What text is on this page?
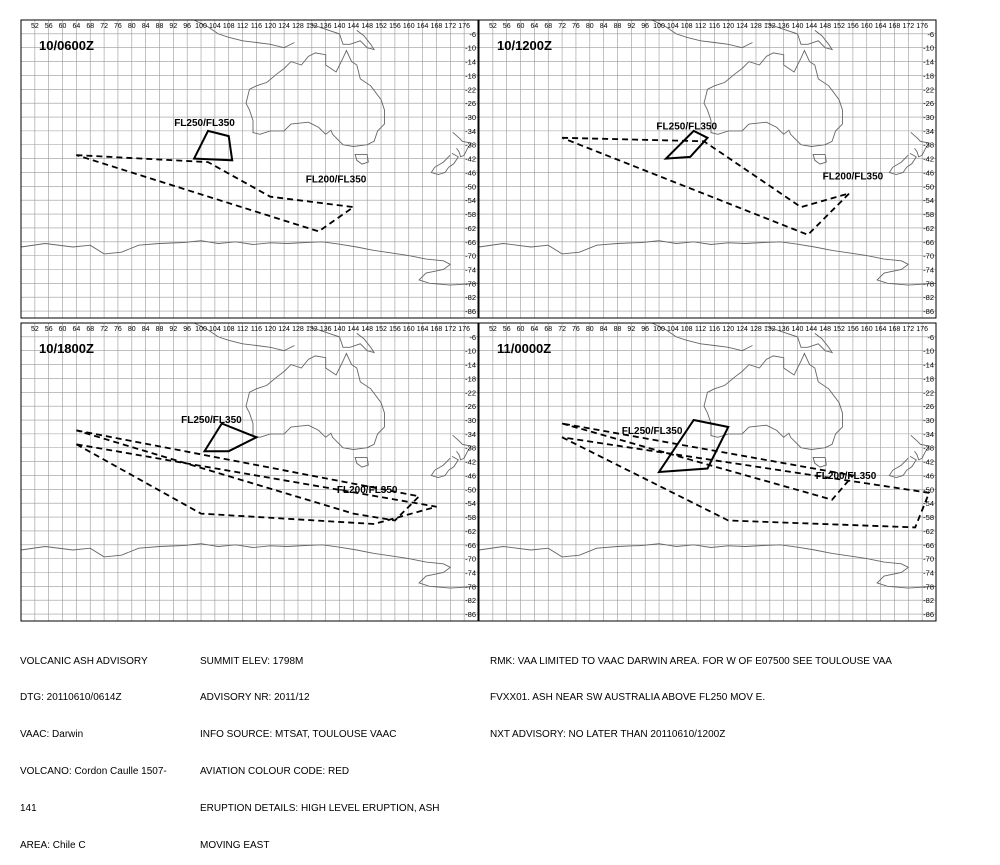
52 56 60 64 68 72 76 80 84 88 92 96 100 104 108 112 116 120 124 128 132 136 140 144 148 152 156 160 164 168 172 176
-6
-10
-14
-18
-22
-26
-30
-34
-38
-42
-46
-50
-54
-58
-62
-66
-70
-74
-78
-82
-86
FL250/FL350
FL200/FL350
10/0600Z
52 56 60 64 68 72 76 80 84 88 92 96 100 104 108 112 116 120 124 128 132 136 140 144 148 152 156 160 164 168 172 176
-6
-10
-14
-18
-22
-26
-30
-34
-38
-42
-46
-50
-54
-58
-62
-66
-70
-74
-78
-82
-86
FL250/FL350
FL200/FL350
10/1200Z
52 56 60 64 68 72 76 80 84 88 92 96 100 104 108 112 116 120 124 128 132 136 140 144 148 152 156 160 164 168 172 176
-6
-10
-14
-18
-22
-26
-30
-34
-38
-42
-46
-50
-54
-58
-62
-66
-70
-74
-78
-82
-86
FL250/FL350
FL200/FL350
10/1800Z
52 56 60 64 68 72 76 80 84 88 92 96 100 104 108 112 116 120 124 128 132 136 140 144 148 152 156 160 164 168 172 176
-6
-10
-14
-18
-22
-26
-30
-34
-38
-42
-46
-50
-54
-58
-62
-66
-70
-74
-78
-82
-86
FL250/FL350
FL200/FL350
11/0000Z

VOLCANIC ASH ADVISORY

DTG: 20110610/0614Z

VAAC: Darwin

VOLCANO: Cordon Caulle 1507-

141

AREA: Chile C

SUMMIT ELEV: 1798M

ADVISORY NR: 2011/12

INFO SOURCE: MTSAT, TOULOUSE VAAC

AVIATION COLOUR CODE: RED

ERUPTION DETAILS: HIGH LEVEL ERUPTION, ASH

MOVING EAST

RMK: VAA LIMITED TO VAAC DARWIN AREA. FOR W OF E07500 SEE TOULOUSE VAA

FVXX01. ASH NEAR SW AUSTRALIA ABOVE FL250 MOV E.

NXT ADVISORY: NO LATER THAN 20110610/1200Z
